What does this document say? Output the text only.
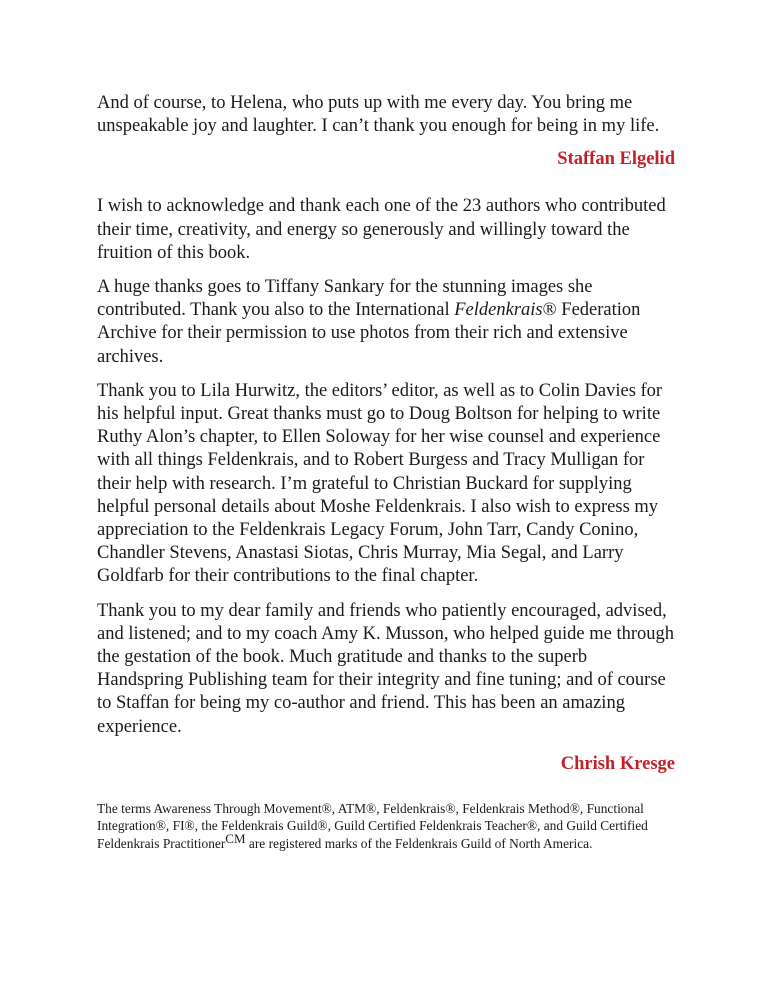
And of course, to Helena, who puts up with me every day. You bring me unspeakable joy and laughter. I can’t thank you enough for being in my life.

Staffan Elgelid

I wish to acknowledge and thank each one of the 23 authors who contributed their time, creativity, and energy so generously and willingly toward the fruition of this book.

A huge thanks goes to Tiffany Sankary for the stunning images she contributed. Thank you also to the International Feldenkrais® Federation Archive for their permission to use photos from their rich and extensive archives.

Thank you to Lila Hurwitz, the editors’ editor, as well as to Colin Davies for his helpful input. Great thanks must go to Doug Boltson for helping to write Ruthy Alon’s chapter, to Ellen Soloway for her wise counsel and experience with all things Feldenkrais, and to Robert Burgess and Tracy Mulligan for their help with research. I’m grateful to Christian Buckard for supplying helpful personal details about Moshe Feldenkrais. I also wish to express my appreciation to the Feldenkrais Legacy Forum, John Tarr, Candy Conino, Chandler Stevens, Anastasi Siotas, Chris Murray, Mia Segal, and Larry Goldfarb for their contributions to the final chapter.

Thank you to my dear family and friends who patiently encouraged, advised, and listened; and to my coach Amy K. Musson, who helped guide me through the gestation of the book. Much gratitude and thanks to the superb Handspring Publishing team for their integrity and fine tuning; and of course to Staffan for being my co-author and friend. This has been an amazing experience.

Chrish Kresge

The terms Awareness Through Movement®, ATM®, Feldenkrais®, Feldenkrais Method®, Functional Integration®, FI®, the Feldenkrais Guild®, Guild Certified Feldenkrais Teacher®, and Guild Certified Feldenkrais Practitioner$^{CM}$ are registered marks of the Feldenkrais Guild of North America.
